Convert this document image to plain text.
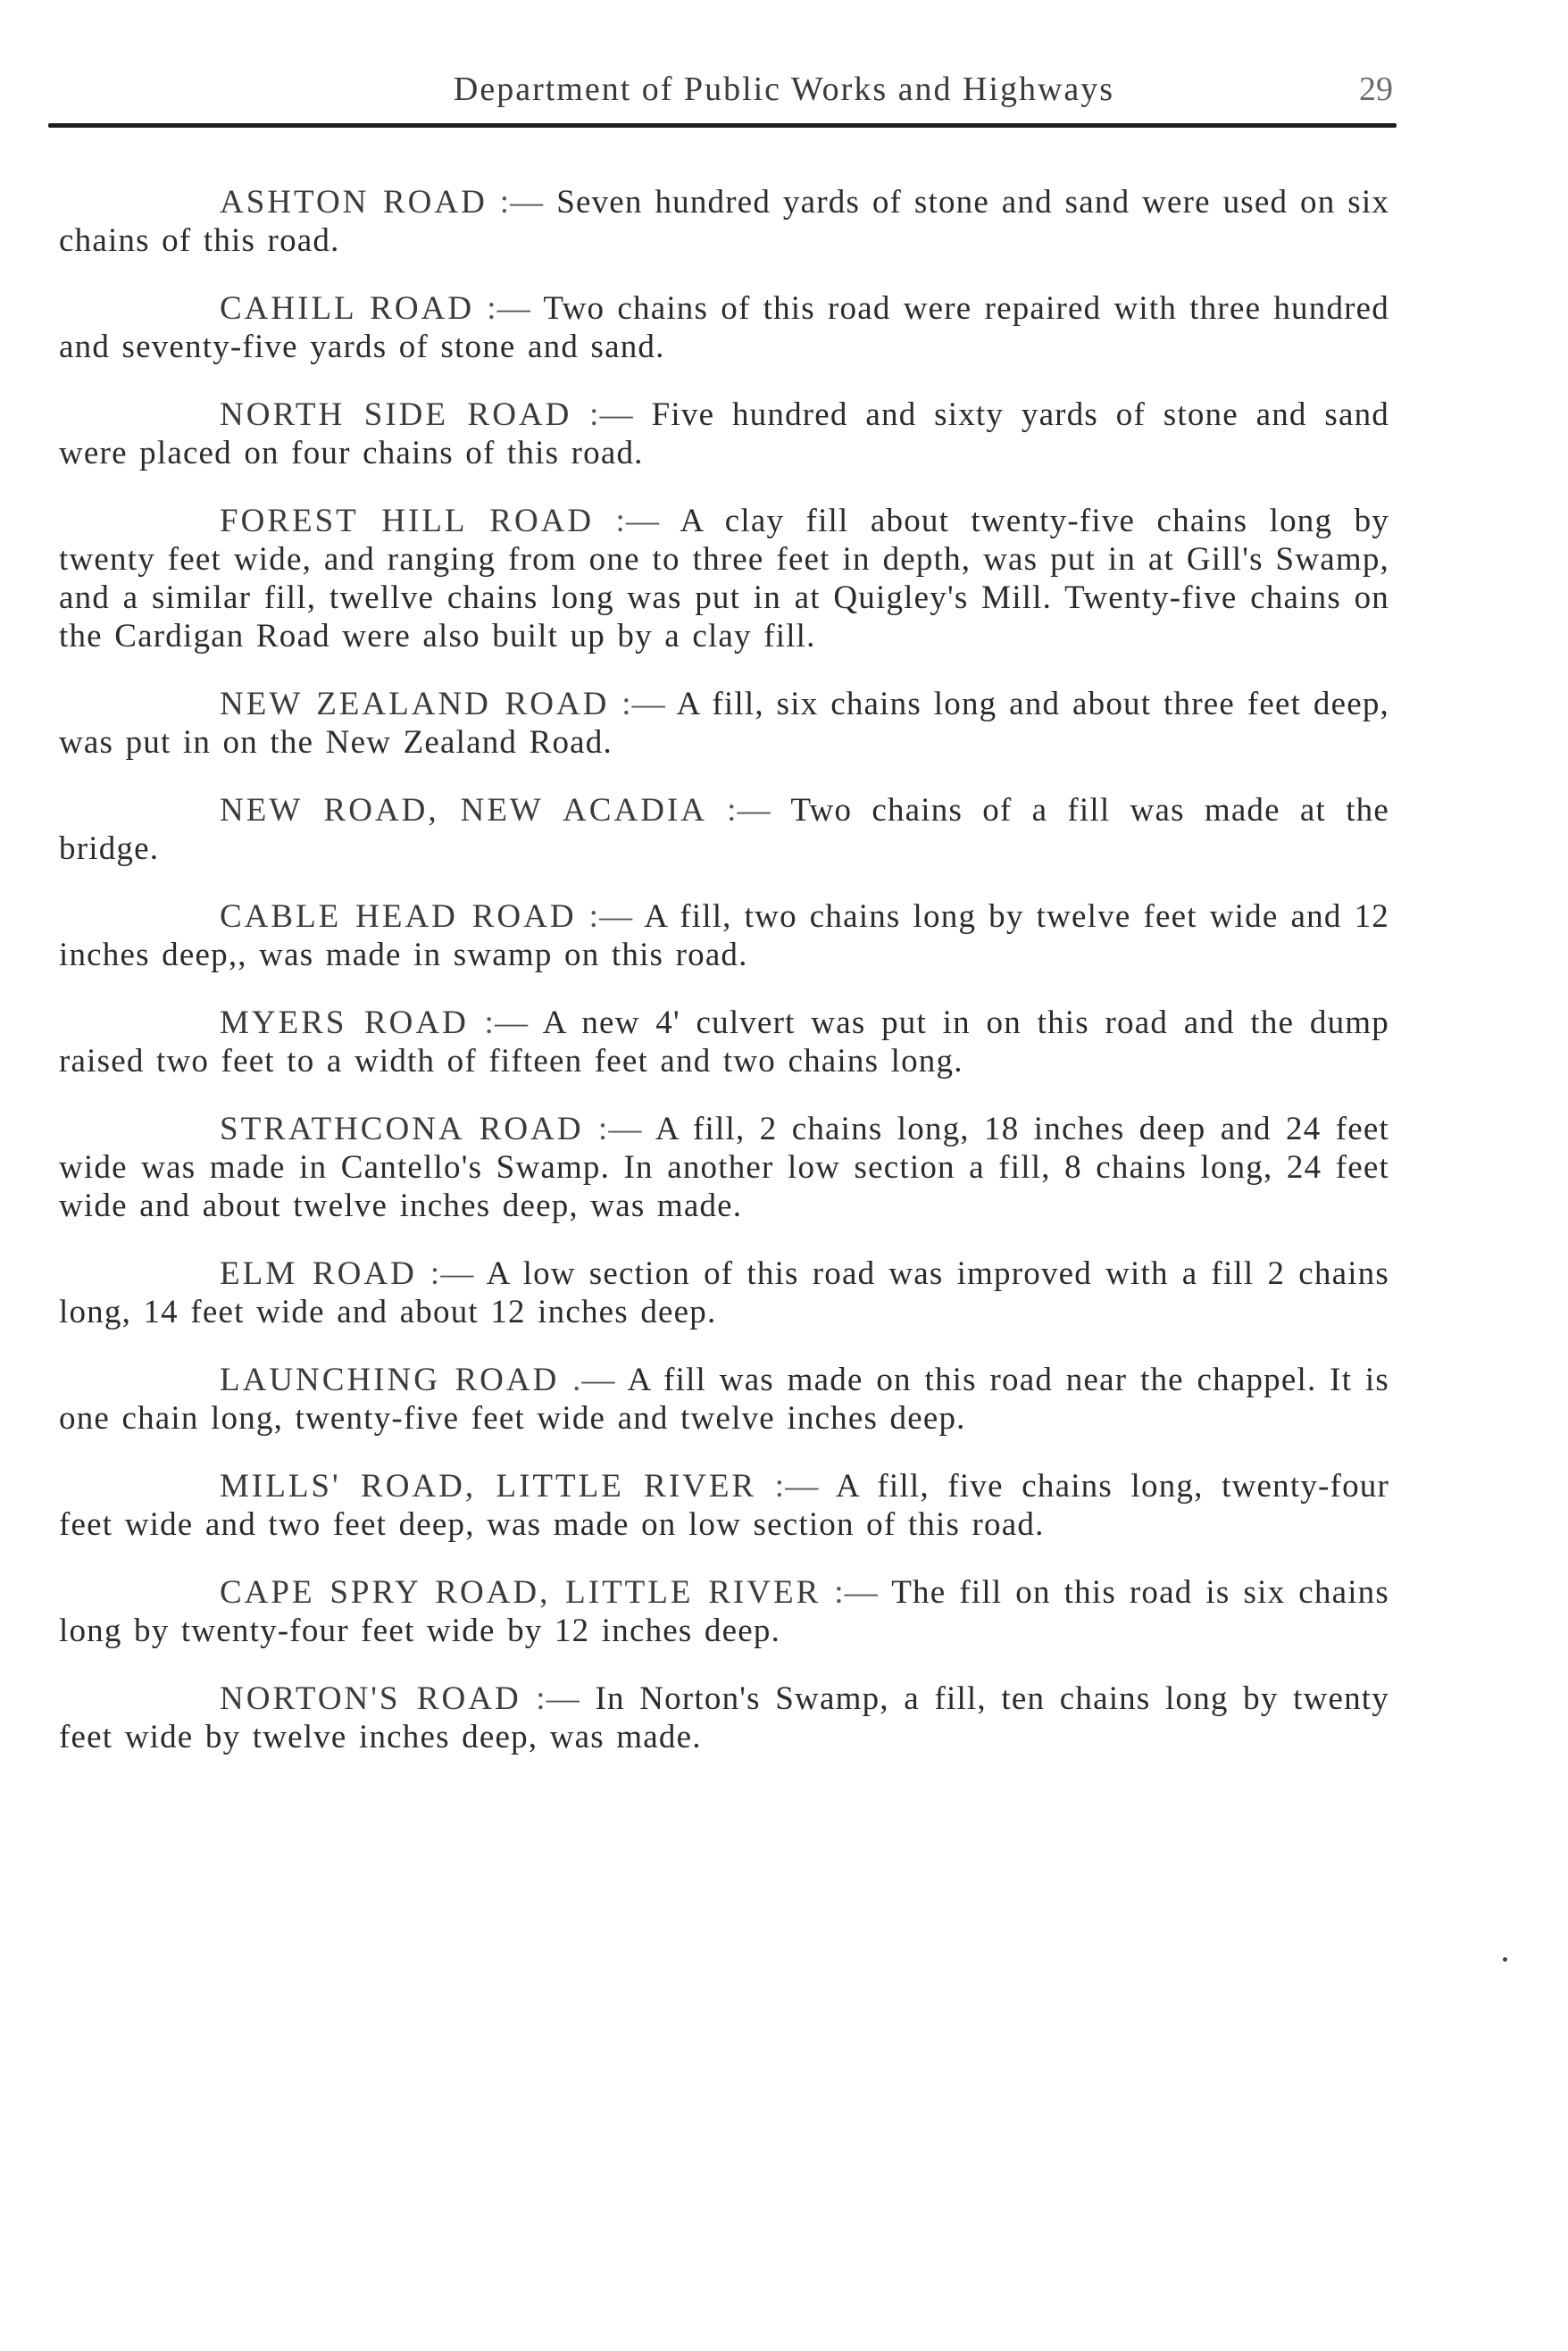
Department of Public Works and Highways	29

ASHTON ROAD :— Seven hundred yards of stone and sand were used on six chains of this road.

CAHILL ROAD :— Two chains of this road were repaired with three hundred and seventy-five yards of stone and sand.

NORTH SIDE ROAD :— Five hundred and sixty yards of stone and sand were placed on four chains of this road.

FOREST HILL ROAD :— A clay fill about twenty-five chains long by twenty feet wide, and ranging from one to three feet in depth, was put in at Gill's Swamp, and a similar fill, twellve chains long was put in at Quigley's Mill. Twenty-five chains on the Cardigan Road were also built up by a clay fill.

NEW ZEALAND ROAD :— A fill, six chains long and about three feet deep, was put in on the New Zealand Road.

NEW ROAD, NEW ACADIA :— Two chains of a fill was made at the bridge.

CABLE HEAD ROAD :— A fill, two chains long by twelve feet wide and 12 inches deep,, was made in swamp on this road.

MYERS ROAD :— A new 4' culvert was put in on this road and the dump raised two feet to a width of fifteen feet and two chains long.

STRATHCONA ROAD :— A fill, 2 chains long, 18 inches deep and 24 feet wide was made in Cantello's Swamp. In another low section a fill, 8 chains long, 24 feet wide and about twelve inches deep, was made.

ELM ROAD :— A low section of this road was improved with a fill 2 chains long, 14 feet wide and about 12 inches deep.

LAUNCHING ROAD .— A fill was made on this road near the chappel. It is one chain long, twenty-five feet wide and twelve inches deep.

MILLS' ROAD, LITTLE RIVER :— A fill, five chains long, twenty-four feet wide and two feet deep, was made on low section of this road.

CAPE SPRY ROAD, LITTLE RIVER :— The fill on this road is six chains long by twenty-four feet wide by 12 inches deep.

NORTON'S ROAD :— In Norton's Swamp, a fill, ten chains long by twenty feet wide by twelve inches deep, was made.
